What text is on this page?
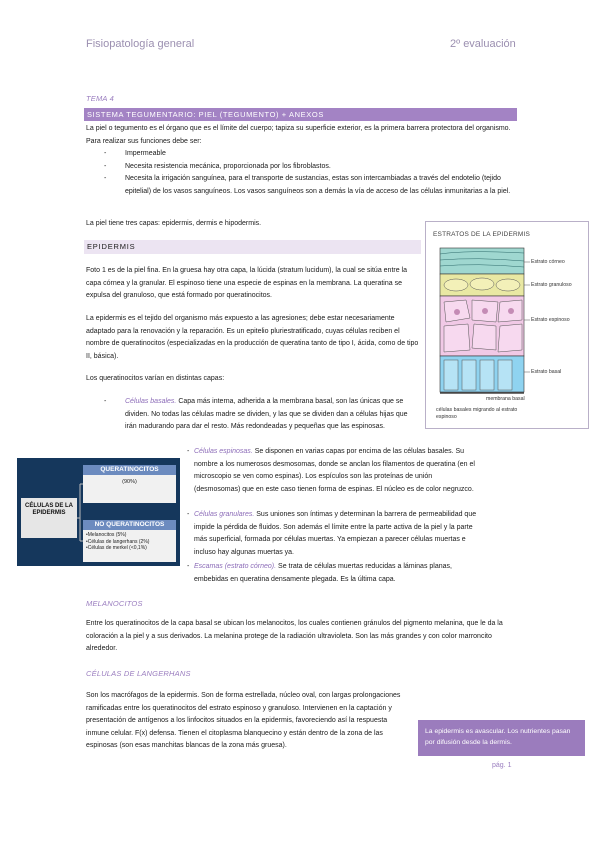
Fisiopatología general	2º evaluación
TEMA 4
SISTEMA TEGUMENTARIO: PIEL (TEGUMENTO) + ANEXOS

La piel o tegumento es el órgano que es el límite del cuerpo; tapiza su superficie exterior, es la primera barrera protectora del organismo. Para realizar sus funciones debe ser:

- Impermeable
- Necesita resistencia mecánica, proporcionada por los fibroblastos.
- Necesita la irrigación sanguínea, para el transporte de sustancias, estas son intercambiadas a través del endotelio (tejido epitelial) de los vasos sanguíneos. Los vasos sanguíneos son a demás la vía de acceso de las células inmunitarias a la piel.
La piel tiene tres capas: epidermis, dermis e hipodermis.
EPIDERMIS
Foto 1 es de la piel fina. En la gruesa hay otra capa, la lúcida (stratum lucidum), la cual se sitúa entre la capa córnea y la granular. El espinoso tiene una especie de espinas en la membrana. La queratina se expulsa del granuloso, que está formado por queratinocitos.
La epidermis es el tejido del organismo más expuesto a las agresiones; debe estar necesariamente adaptado para la renovación y la reparación. Es un epitelio pluriestratificado, cuyas células reciben el nombre de queratinocitos (especializadas en la producción de queratina tanto de tipo I, ácida, como de tipo II, básica).
Los queratinocitos varían en distintas capas:
- Células basales. Capa más interna, adherida a la membrana basal, son las únicas que se dividen. No todas las células madre se dividen, y las que se dividen dan a células hijas que irán madurando para dar el resto. Más redondeadas y pequeñas que las espinosas.
- Células espinosas. Se disponen en varias capas por encima de las células basales. Su nombre a los numerosos desmosomas, donde se anclan los filamentos de queratina (en el microscopio se ven como espinas). Los espículos son las proteínas de unión (desmosomas) que en este caso tienen forma de espinas. El núcleo es de color negruzco.
- Células granulares. Sus uniones son íntimas y determinan la barrera de permeabilidad que impide la pérdida de fluidos. Son además el límite entre la parte activa de la piel y la parte más superficial, formada por células muertas. Ya empiezan a parecer células muertas e incluso hay algunas muertas ya.
- Escamas (estrato córneo). Se trata de células muertas reducidas a láminas planas, embebidas en queratina densamente plegada. Es la última capa.
ESTRATOS DE LA EPIDERMIS
Estrato córneo
Estrato granuloso
Estrato espinoso
Estrato basal
membrana basal
células basales migrando al estrato espinoso
CÉLULAS DE LA EPIDERMIS
QUERATINOCITOS
(90%)
NO QUERATINOCITOS
•Melanocitos (5%)
•Células de langerhans (2%)
•Células de merkel (<0,1%)
MELANOCITOS
Entre los queratinocitos de la capa basal se ubican los melanocitos, los cuales contienen gránulos del pigmento melanina, que le da la coloración a la piel y a sus derivados. La melanina protege de la radiación ultravioleta. Son las más grandes y con color marroncito alrededor.
CÉLULAS DE LANGERHANS
Son los macrófagos de la epidermis. Son de forma estrellada, núcleo oval, con largas prolongaciones ramificadas entre los queratinocitos del estrato espinoso y granuloso. Intervienen en la captación y presentación de antígenos a los linfocitos situados en la epidermis, favoreciendo así la respuesta inmune celular. F(x) defensa. Tienen el citoplasma blanquecino y están dentro de la zona de las espinosas (son esas manchitas blancas de la zona más gruesa).
La epidermis es avascular. Los nutrientes pasan por difusión desde la dermis.
pág. 1
